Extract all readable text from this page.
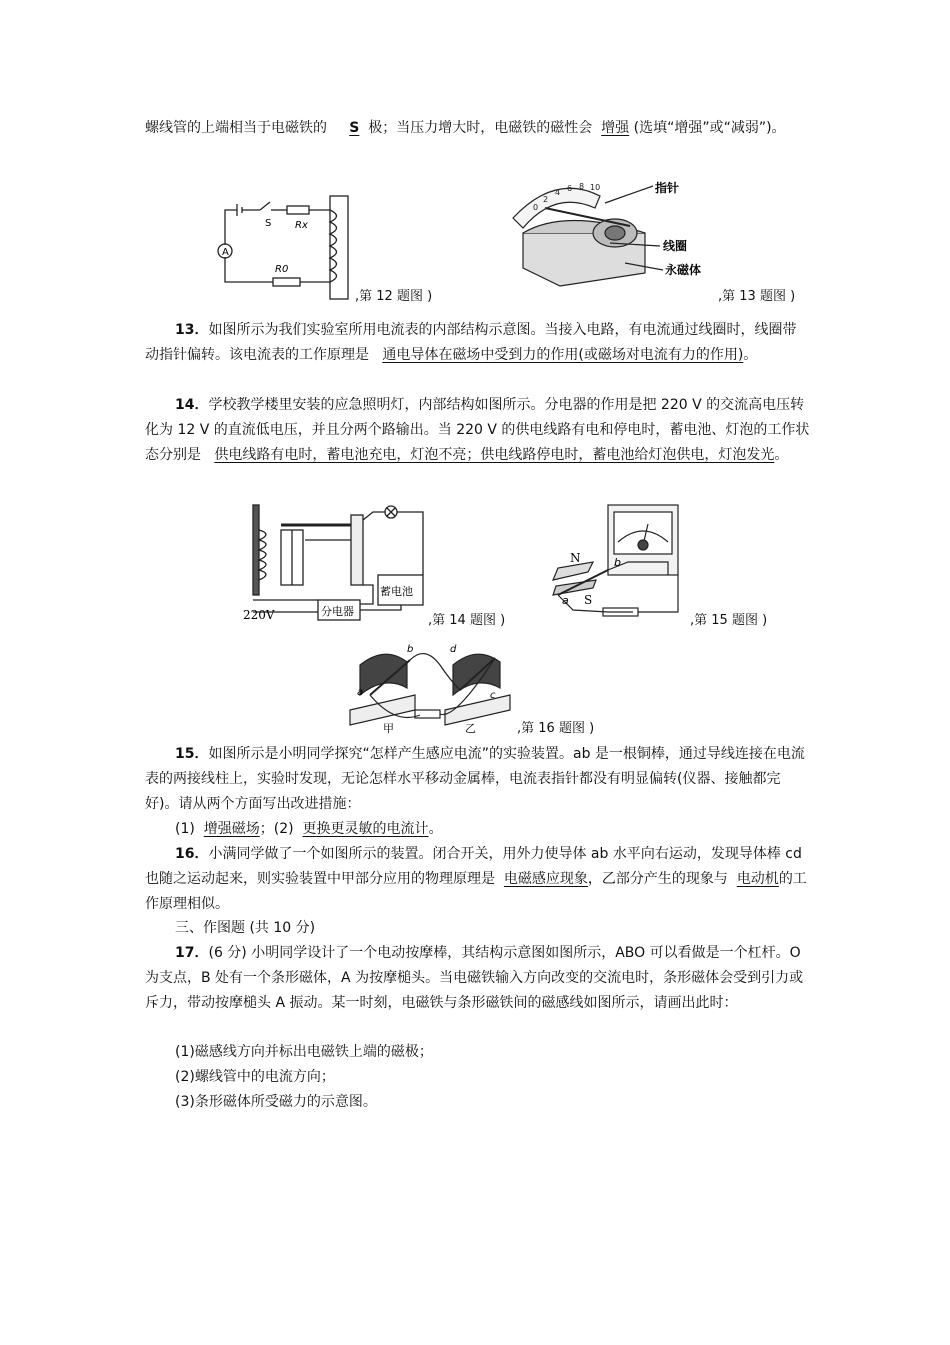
螺线管的上端相当于电磁铁的 S 极；当压力增大时，电磁铁的磁性会 增强 (选填“增强”或“减弱”)。
A
S Rx
R0
,第 12 题图 )
0
2
4 6 8 10	指针
线圈
永磁体
,第 13 题图 )
13．如图所示为我们实验室所用电流表的内部结构示意图。当接入电路，有电流通过线圈时，线圈带动指针偏转。该电流表的工作原理是 通电导体在磁场中受到力的作用(或磁场对电流有力的作用)。
14．学校教学楼里安装的应急照明灯，内部结构如图所示。分电器的作用是把 220 V 的交流高电压转化为 12 V 的直流低电压，并且分两个路输出。当 220 V 的供电线路有电和停电时，蓄电池、灯泡的工作状态分别是 供电线路有电时，蓄电池充电，灯泡不亮；供电线路停电时，蓄电池给灯泡供电，灯泡发光。
220V	分电器
蓄电池
,第 14 题图 )
N
S
a
b
,第 15 题图 )
甲	乙
a
b
c
d
,第 16 题图 )
15．如图所示是小明同学探究“怎样产生感应电流”的实验装置。ab 是一根铜棒，通过导线连接在电流表的两接线柱上，实验时发现，无论怎样水平移动金属棒，电流表指针都没有明显偏转(仪器、接触都完好)。请从两个方面写出改进措施：
(1) 增强磁场；(2) 更换更灵敏的电流计。
16．小满同学做了一个如图所示的装置。闭合开关，用外力使导体 ab 水平向右运动，发现导体棒 cd 也随之运动起来，则实验装置中甲部分应用的物理原理是 电磁感应现象，乙部分产生的现象与 电动机的工作原理相似。
三、作图题 (共 10 分)
17．(6 分) 小明同学设计了一个电动按摩棒，其结构示意图如图所示，ABO 可以看做是一个杠杆。O 为支点，B 处有一个条形磁体，A 为按摩槌头。当电磁铁输入方向改变的交流电时，条形磁体会受到引力或斥力，带动按摩槌头 A 振动。某一时刻，电磁铁与条形磁铁间的磁感线如图所示，请画出此时：
(1)磁感线方向并标出电磁铁上端的磁极；
(2)螺线管中的电流方向；
(3)条形磁体所受磁力的示意图。
